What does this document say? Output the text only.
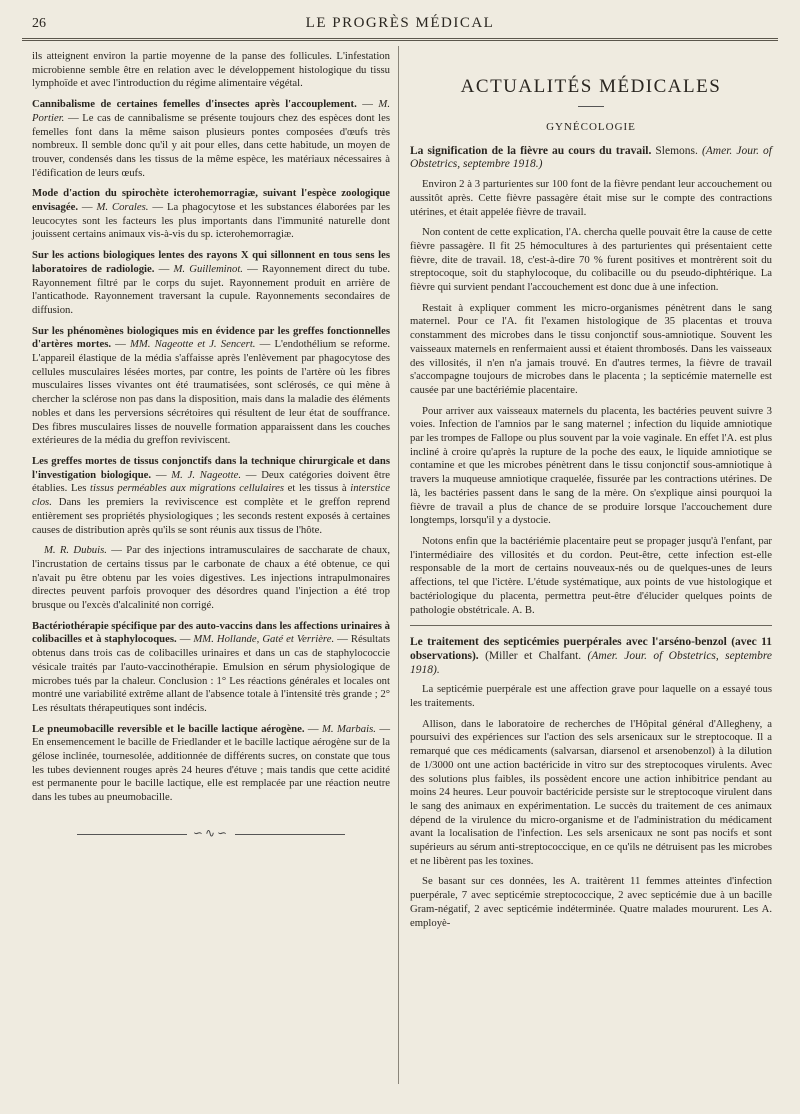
26	LE PROGRÈS MÉDICAL

ils atteignent environ la partie moyenne de la panse des follicules. L'infestation microbienne semble être en relation avec le développement histologique du tissu lymphoïde et avec l'introduction du régime alimentaire végétal.

Cannibalisme de certaines femelles d'insectes après l'accouplement. — M. Portier. — Le cas de cannibalisme se présente toujours chez des espèces dont les femelles font dans la même saison plusieurs pontes composées d'œufs très nombreux. Il semble donc qu'il y ait pour elles, dans cette habitude, un moyen de trouver, condensés dans les tissus de la même espèce, les matériaux nécessaires à l'édification de leurs œufs.

Mode d'action du spirochète icterohemorragiæ, suivant l'espèce zoologique envisagée. — M. Corales. — La phagocytose et les substances élaborées par les leucocytes sont les facteurs les plus importants dans l'immunité naturelle dont jouissent certains animaux vis-à-vis du sp. icterohemorragiæ.

Sur les actions biologiques lentes des rayons X qui sillonnent en tous sens les laboratoires de radiologie. — M. Guilleminot. — Rayonnement direct du tube. Rayonnement filtré par le corps du sujet. Rayonnement produit en arrière de l'anticathode. Rayonnement traversant la cupule. Rayonnements secondaires de diffusion.

Sur les phénomènes biologiques mis en évidence par les greffes fonctionnelles d'artères mortes. — MM. Nageotte et J. Sencert. — L'endothélium se reforme. L'appareil élastique de la média s'affaisse après l'enlèvement par phagocytose des cellules musculaires lésées mortes, par contre, les points de l'artère où les fibres musculaires lisses vivantes ont été traumatisées, sont sclérosés, ce qui mène à chercher la sclérose non pas dans la disposition, mais dans la maladie des éléments nobles et dans les perversions sécrétoires qui résultent de leur état de souffrance. Des fibres musculaires lisses de nouvelle formation apparaissent dans les couches extérieures de la média du greffon reviviscent.

Les greffes mortes de tissus conjonctifs dans la technique chirurgicale et dans l'investigation biologique. — M. J. Nageotte. — Deux catégories doivent être établies. Les tissus perméables aux migrations cellulaires et les tissus à interstice clos. Dans les premiers la reviviscence est complète et le greffon reprend entièrement ses propriétés physiologiques ; les seconds restent exposés à certaines causes de distribution après qu'ils se sont réunis aux tissus de l'hôte.

M. R. Dubuis. — Par des injections intramusculaires de saccharate de chaux, l'incrustation de certains tissus par le carbonate de chaux a été obtenue, ce qui n'avait pu être obtenu par les voies digestives. Les injections intrapulmonaires directes peuvent parfois provoquer des désordres quand l'injection a été trop brusque ou l'excès d'alcalinité non corrigé.

Bactériothérapie spécifique par des auto-vaccins dans les affections urinaires à colibacilles et à staphylocoques. — MM. Hollande, Gaté et Verrière. — Résultats obtenus dans trois cas de colibacilles urinaires et dans un cas de staphylococcie vésicale traités par l'auto-vaccinothérapie. Emulsion en sérum physiologique de microbes tués par la chaleur. Conclusion : 1° Les réactions générales et locales ont montré une variabilité extrême allant de l'absence totale à l'intensité très grande ; 2° Les résultats thérapeutiques sont indécis.

Le pneumobacille reversible et le bacille lactique aérogène. — M. Marbais. — En ensemencement le bacille de Friedlander et le bacille lactique aérogène sur de la gélose inclinée, tournesolée, additionnée de différents sucres, on constate que tous les tubes deviennent rouges après 24 heures d'étuve ; mais tandis que cette acidité est permanente pour le bacille lactique, elle est remplacée par une réaction neutre dans les tubes au pneumobacille.

∽∿∽
ACTUALITÉS MÉDICALES
GYNÉCOLOGIE

La signification de la fièvre au cours du travail. Slemons. (Amer. Jour. of Obstetrics, septembre 1918.)

Environ 2 à 3 parturientes sur 100 font de la fièvre pendant leur accouchement ou aussitôt après. Cette fièvre passagère était mise sur le compte des contractions utérines, et était appelée fièvre de travail.

Non content de cette explication, l'A. chercha quelle pouvait être la cause de cette fièvre passagère. Il fit 25 hémocultures à des parturientes qui présentaient cette fièvre, dite de travail. 18, c'est-à-dire 70 % furent positives et montrèrent soit du streptocoque, soit du staphylocoque, du colibacille ou du pseudo-diphtérique. La fièvre qui survient pendant l'accouchement est donc due à une infection.

Restait à expliquer comment les micro-organismes pénètrent dans le sang maternel. Pour ce l'A. fit l'examen histologique de 35 placentas et trouva constamment des microbes dans le tissu conjonctif sous-amniotique. Souvent les vaisseaux maternels en renfermaient aussi et étaient thrombosés. Dans les vaisseaux des villosités, il n'en n'a jamais trouvé. En d'autres termes, la fièvre de travail s'accompagne toujours de microbes dans le placenta ; la septicémie maternelle est causée par une bactériémie placentaire.

Pour arriver aux vaisseaux maternels du placenta, les bactéries peuvent suivre 3 voies. Infection de l'amnios par le sang maternel ; infection du liquide amniotique par les trompes de Fallope ou plus souvent par la voie vaginale. En effet l'A. est plus incliné à croire qu'après la rupture de la poche des eaux, le liquide amniotique se contamine et que les microbes pénètrent dans le tissu conjonctif sous-amniotique à travers la muqueuse amniotique craquelée, fissurée par les contractions utérines. De là, les bactéries passent dans le sang de la mère. On s'explique ainsi pourquoi la fièvre de travail a plus de chance de se produire lorsque l'accouchement dure longtemps, lorsqu'il y a dystocie.

Notons enfin que la bactériémie placentaire peut se propager jusqu'à l'enfant, par l'intermédiaire des villosités et du cordon. Peut-être, cette infection est-elle responsable de la mort de certains nouveaux-nés ou de quelques-unes de leurs affections, tel que l'ictère. L'étude systématique, aux points de vue histologique et bactériologique du placenta, permettra peut-être d'élucider quelques points de pathologie obstétricale. A. B.

Le traitement des septicémies puerpérales avec l'arséno-benzol (avec 11 observations). (Miller et Chalfant. (Amer. Jour. of Obstetrics, septembre 1918).

La septicémie puerpérale est une affection grave pour laquelle on a essayé tous les traitements.

Allison, dans le laboratoire de recherches de l'Hôpital général d'Allegheny, a poursuivi des expériences sur l'action des sels arsenicaux sur le streptocoque. Il a remarqué que ces médicaments (salvarsan, diarsenol et arsenobenzol) à la dilution de 1/3000 ont une action bactéricide in vitro sur des streptocoques virulents. Avec des solutions plus faibles, ils possèdent encore une action inhibitrice pendant au moins 24 heures. Leur pouvoir bactéricide persiste sur le streptocoque virulent dans le sang des animaux en expérimentation. Le succès du traitement de ces animaux dépend de la virulence du micro-organisme et de l'administration du médicament avant la localisation de l'infection. Les sels arsenicaux ne sont pas nocifs et sont supérieurs au sérum anti-streptococcique, en ce qu'ils ne détruisent pas les microbes et ne libèrent pas les toxines.

Se basant sur ces données, les A. traitèrent 11 femmes atteintes d'infection puerpérale, 7 avec septicémie streptococcique, 2 avec septicémie due à un bacille Gram-négatif, 2 avec septicémie indéterminée. Quatre malades moururent. Les A. employè-
